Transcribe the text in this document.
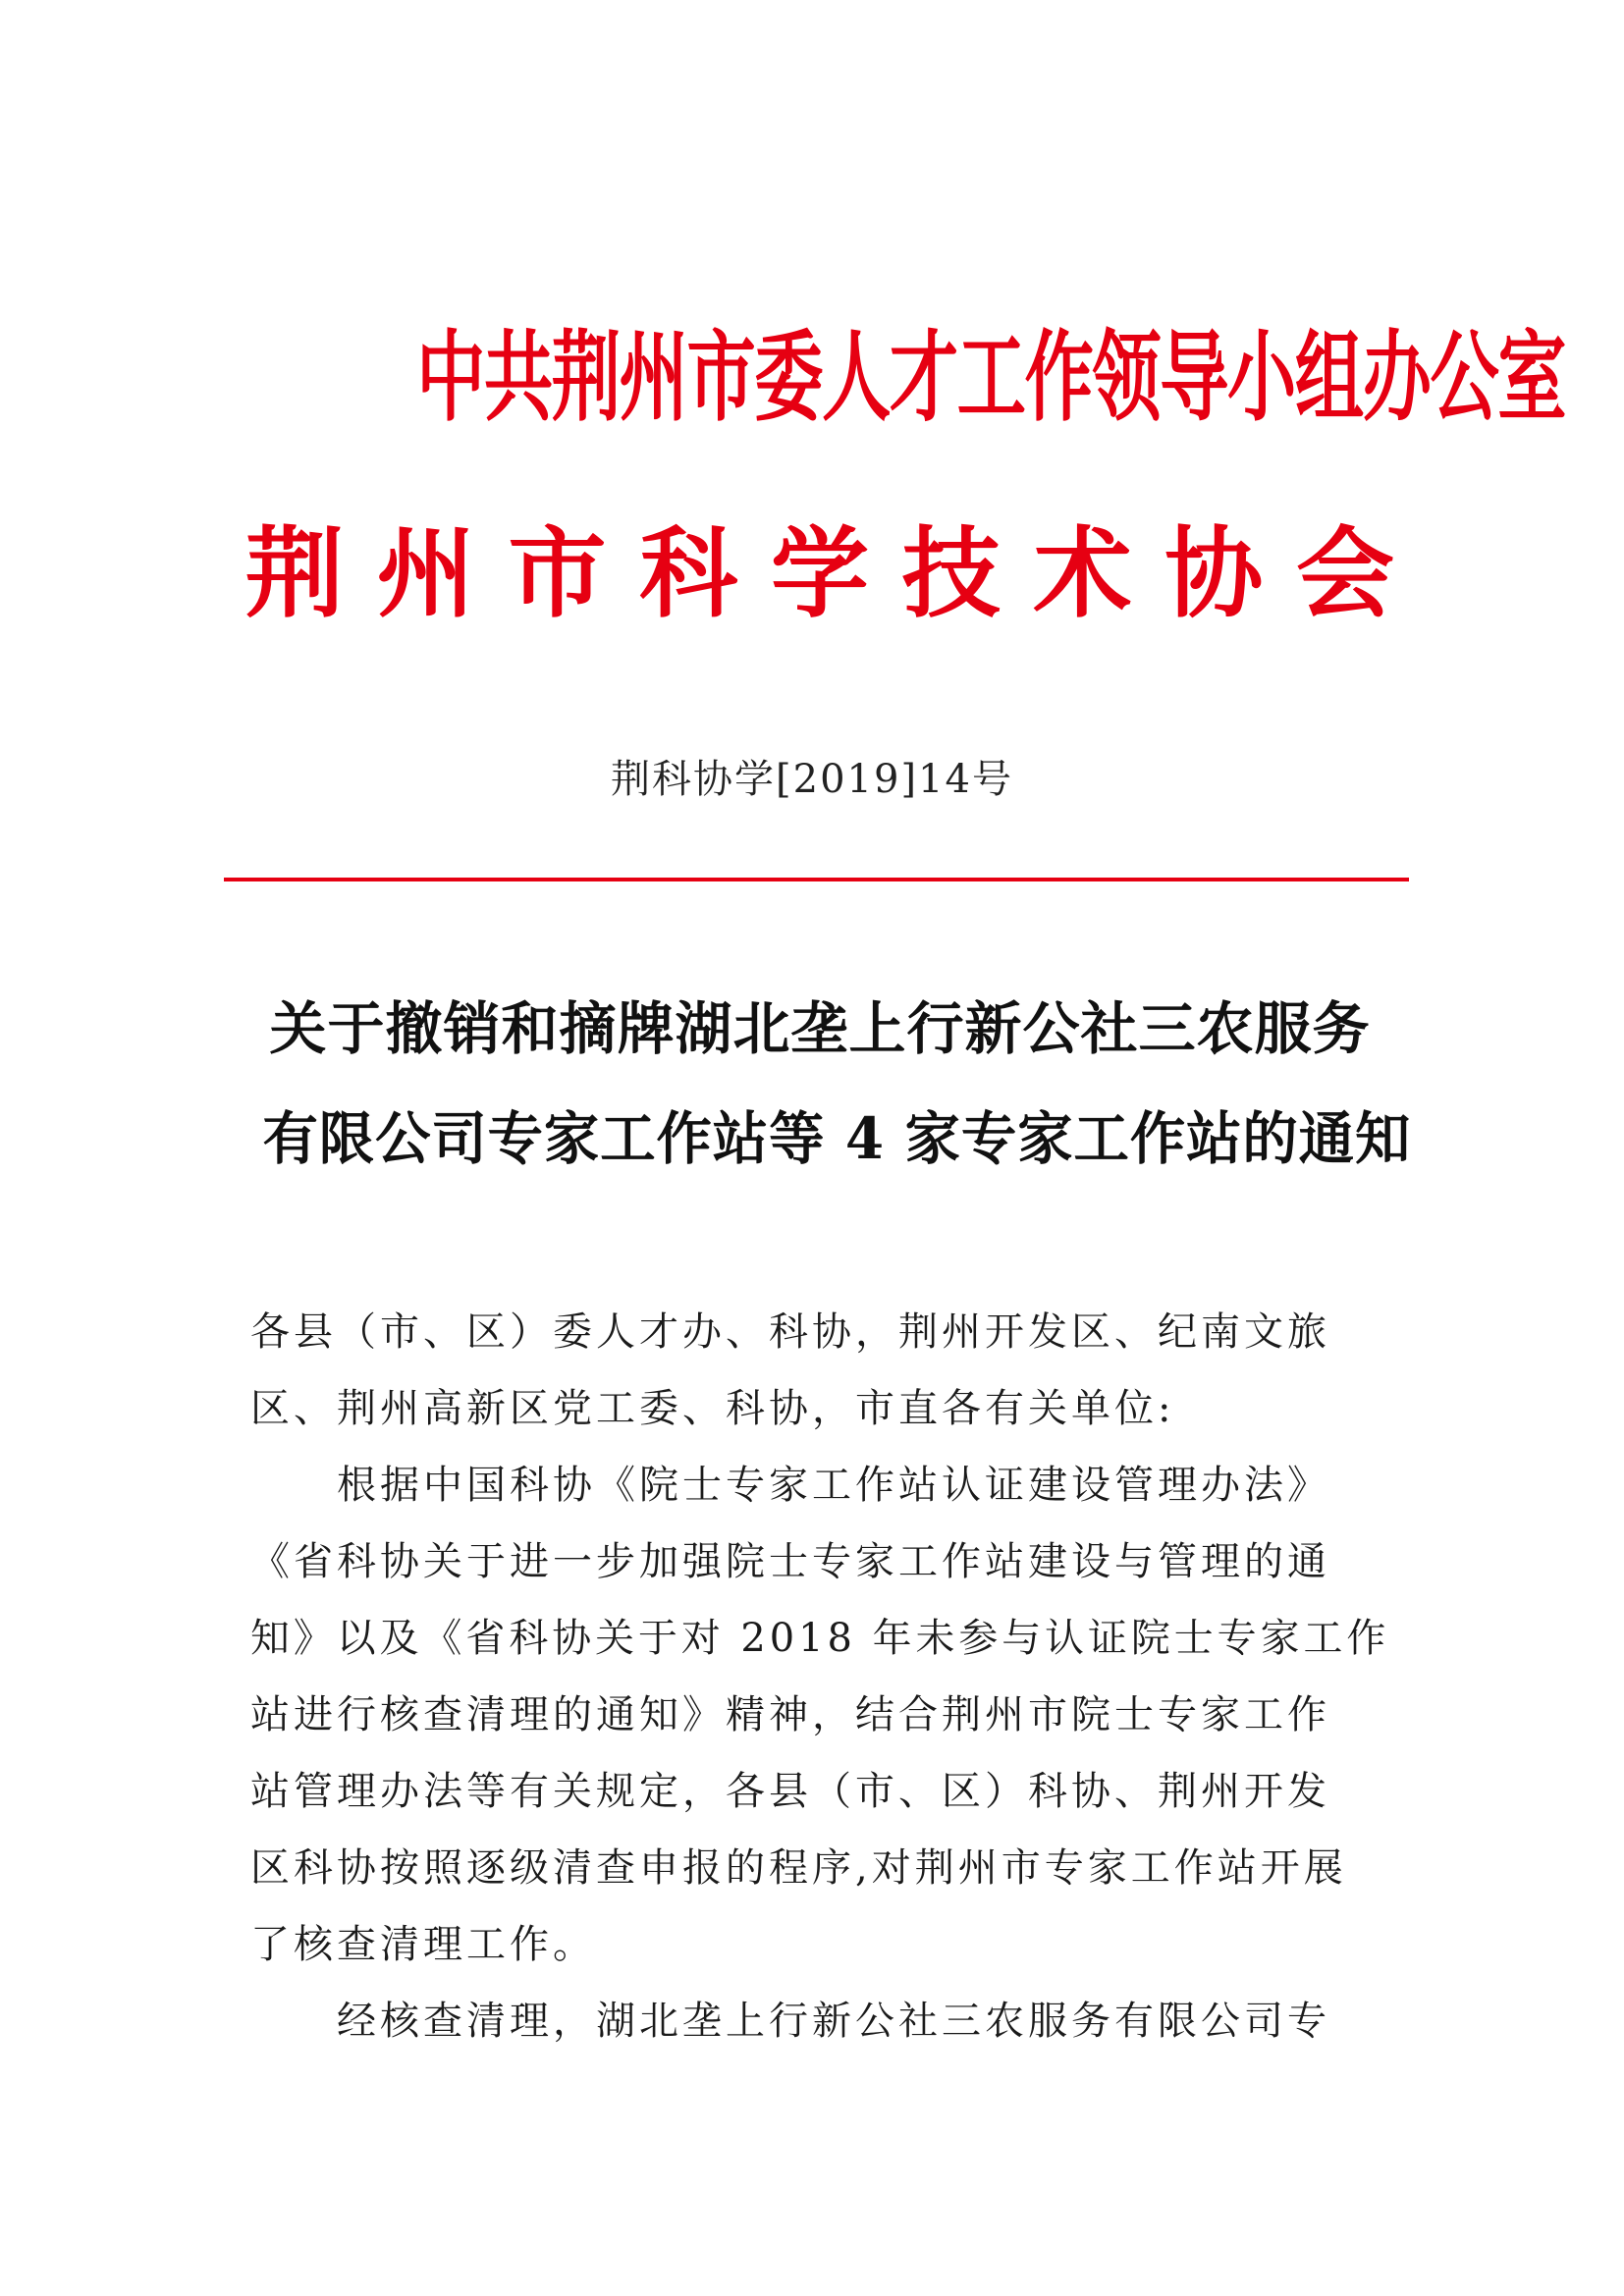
中共荆州市委人才工作领导小组办公室
荆 州 市 科 学 技 术 协 会
荆科协学[2019]14号
关于撤销和摘牌湖北垄上行新公社三农服务
有限公司专家工作站等 4 家专家工作站的通知
各县（市、区）委人才办、科协，荆州开发区、纪南文旅
区、荆州高新区党工委、科协，市直各有关单位:
　　根据中国科协《院士专家工作站认证建设管理办法》
《省科协关于进一步加强院士专家工作站建设与管理的通
知》以及《省科协关于对 2018 年未参与认证院士专家工作
站进行核查清理的通知》精神，结合荆州市院士专家工作
站管理办法等有关规定，各县（市、区）科协、荆州开发
区科协按照逐级清查申报的程序,对荆州市专家工作站开展
了核查清理工作。
　　经核查清理，湖北垄上行新公社三农服务有限公司专
